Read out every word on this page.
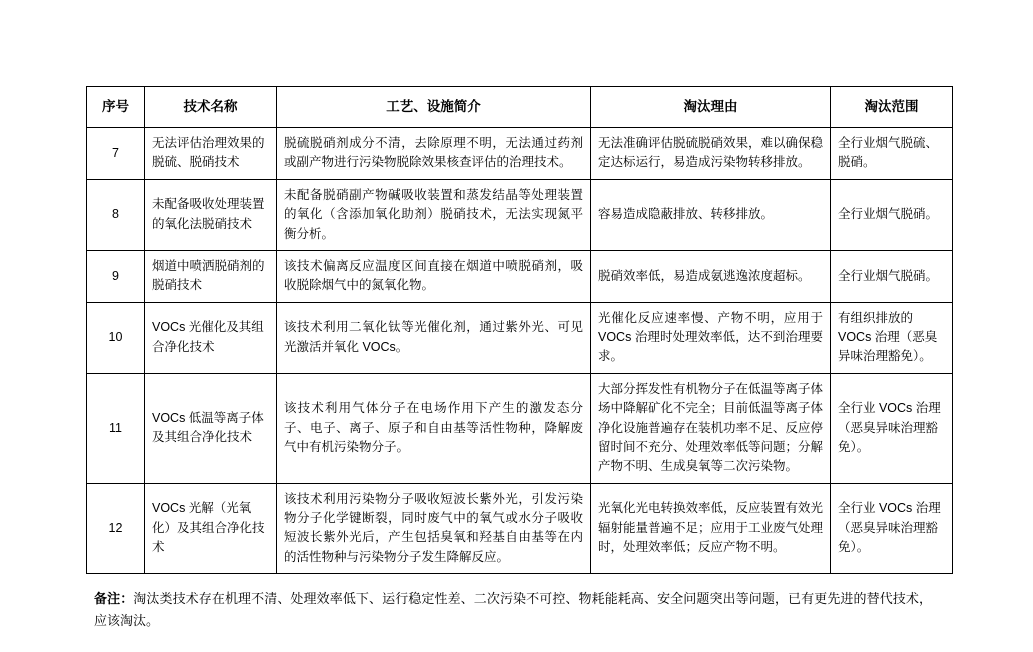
序号	技术名称	工艺、设施简介	淘汰理由	淘汰范围
7	无法评估治理效果的脱硫、脱硝技术	脱硫脱硝剂成分不清，去除原理不明，无法通过药剂或副产物进行污染物脱除效果核查评估的治理技术。	无法准确评估脱硫脱硝效果，难以确保稳定达标运行，易造成污染物转移排放。	全行业烟气脱硫、脱硝。
8	未配备吸收处理装置的氧化法脱硝技术	未配备脱硝副产物碱吸收装置和蒸发结晶等处理装置的氧化（含添加氧化助剂）脱硝技术，无法实现氮平衡分析。	容易造成隐蔽排放、转移排放。	全行业烟气脱硝。
9	烟道中喷洒脱硝剂的脱硝技术	该技术偏离反应温度区间直接在烟道中喷脱硝剂，吸收脱除烟气中的氮氧化物。	脱硝效率低，易造成氨逃逸浓度超标。	全行业烟气脱硝。
10	VOCs 光催化及其组合净化技术	该技术利用二氧化钛等光催化剂，通过紫外光、可见光激活并氧化 VOCs。	光催化反应速率慢、产物不明，应用于 VOCs 治理时处理效率低，达不到治理要求。	有组织排放的 VOCs 治理（恶臭异味治理豁免）。
11	VOCs 低温等离子体及其组合净化技术	该技术利用气体分子在电场作用下产生的激发态分子、电子、离子、原子和自由基等活性物种，降解废气中有机污染物分子。	大部分挥发性有机物分子在低温等离子体场中降解矿化不完全；目前低温等离子体净化设施普遍存在装机功率不足、反应停留时间不充分、处理效率低等问题；分解产物不明、生成臭氧等二次污染物。	全行业 VOCs 治理（恶臭异味治理豁免）。
12	VOCs 光解（光氧化）及其组合净化技术	该技术利用污染物分子吸收短波长紫外光，引发污染物分子化学键断裂，同时废气中的氧气或水分子吸收短波长紫外光后，产生包括臭氧和羟基自由基等在内的活性物种与污染物分子发生降解反应。	光氧化光电转换效率低，反应装置有效光辐射能量普遍不足；应用于工业废气处理时，处理效率低；反应产物不明。	全行业 VOCs 治理（恶臭异味治理豁免）。
备注：淘汰类技术存在机理不清、处理效率低下、运行稳定性差、二次污染不可控、物耗能耗高、安全问题突出等问题，已有更先进的替代技术，应该淘汰。
